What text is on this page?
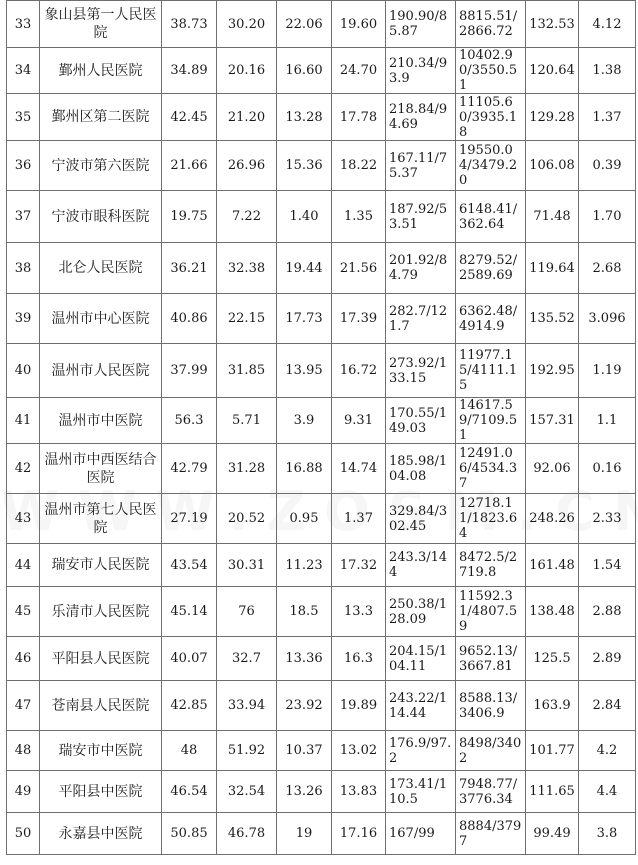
33	象山县第一人民医院	38.73	30.20	22.06	19.60	190.90/85.87	8815.51/2866.72	132.53	4.12
34	鄞州人民医院	34.89	20.16	16.60	24.70	210.34/93.9	10402.90/3550.51	120.64	1.38
35	鄞州区第二医院	42.45	21.20	13.28	17.78	218.84/94.69	11105.60/3935.18	129.28	1.37
36	宁波市第六医院	21.66	26.96	15.36	18.22	167.11/75.37	19550.04/3479.20	106.08	0.39
37	宁波市眼科医院	19.75	7.22	1.40	1.35	187.92/53.51	6148.41/362.64	71.48	1.70
38	北仑人民医院	36.21	32.38	19.44	21.56	201.92/84.79	8279.52/2589.69	119.64	2.68
39	温州市中心医院	40.86	22.15	17.73	17.39	282.7/121.7	6362.48/4914.9	135.52	3.096
40	温州市人民医院	37.99	31.85	13.95	16.72	273.92/133.15	11977.15/4111.15	192.95	1.19
41	温州市中医院	56.3	5.71	3.9	9.31	170.55/149.03	14617.59/7109.51	157.31	1.1
42	温州市中西医结合医院	42.79	31.28	16.88	14.74	185.98/104.08	12491.06/4534.37	92.06	0.16
43	温州市第七人民医院	27.19	20.52	0.95	1.37	329.84/302.45	12718.11/1823.64	248.26	2.33
44	瑞安市人民医院	43.54	30.31	11.23	17.32	243.3/144	8472.5/2719.8	161.48	1.54
45	乐清市人民医院	45.14	76	18.5	13.3	250.38/128.09	11592.31/4807.59	138.48	2.88
46	平阳县人民医院	40.07	32.7	13.36	16.3	204.15/104.11	9652.13/3667.81	125.5	2.89
47	苍南县人民医院	42.85	33.94	23.92	19.89	243.22/114.44	8588.13/3406.9	163.9	2.84
48	瑞安市中医院	48	51.92	10.37	13.02	176.9/97.2	8498/3402	101.77	4.2
49	平阳县中医院	46.54	32.54	13.26	13.83	173.41/110.5	7948.77/3776.34	111.65	4.4
50	永嘉县中医院	50.85	46.78	19	17.16	167/99	8884/3797	99.49	3.8
